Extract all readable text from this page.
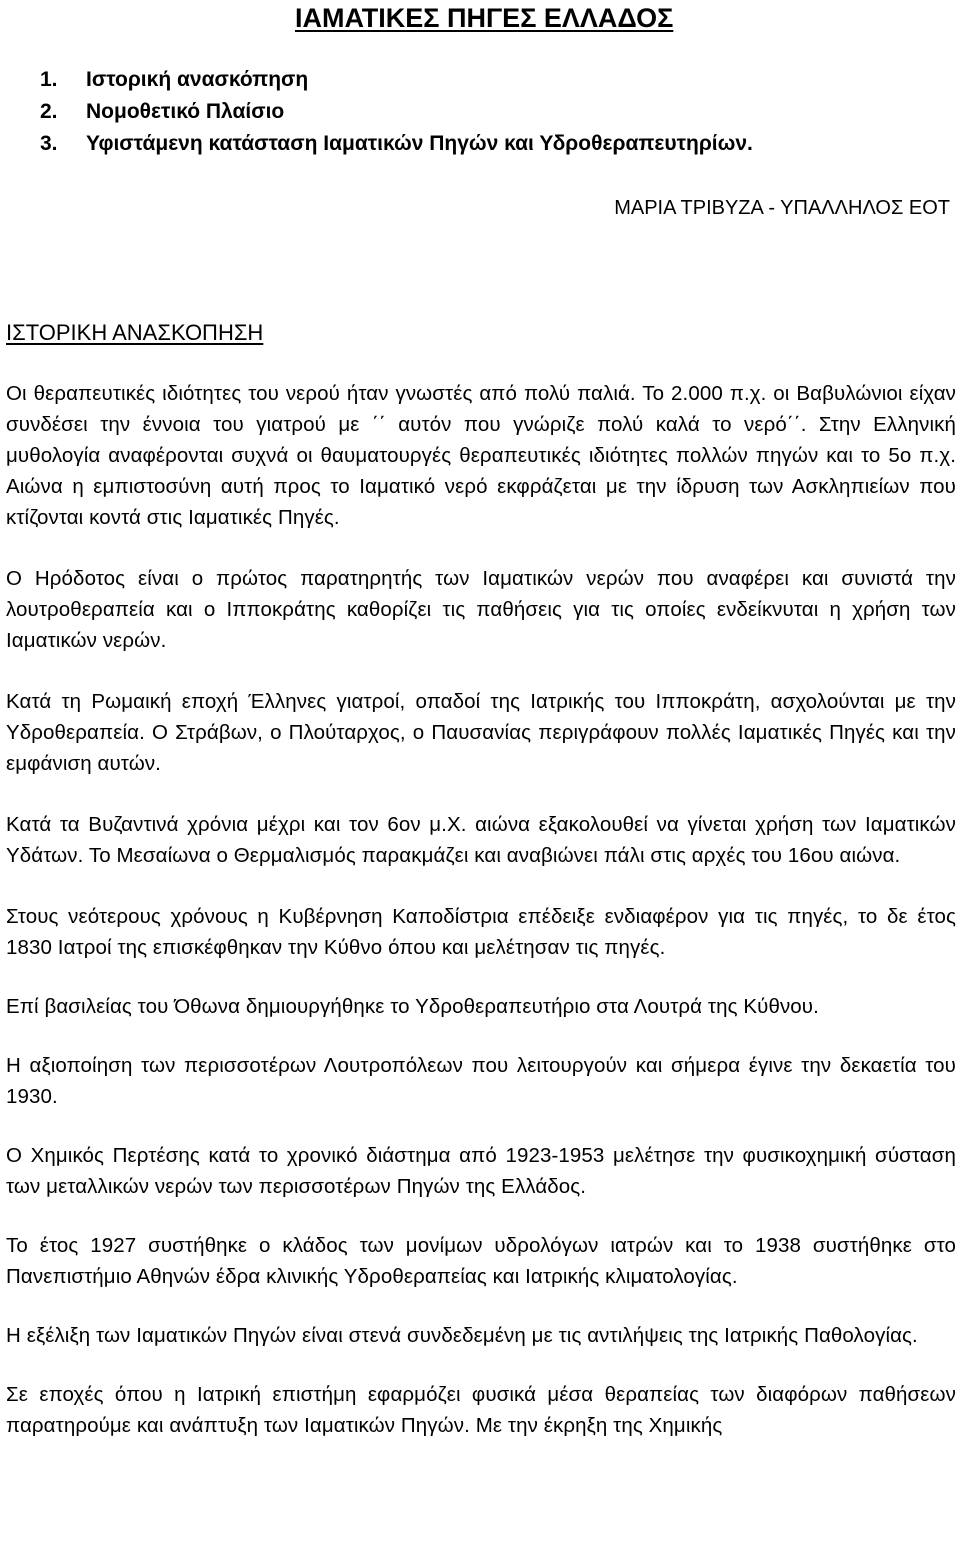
ΙΑΜΑΤΙΚΕΣ ΠΗΓΕΣ ΕΛΛΑΔΟΣ
1. Ιστορική ανασκόπηση
2. Νομοθετικό Πλαίσιο
3. Υφιστάμενη κατάσταση Ιαματικών Πηγών και Υδροθεραπευτηρίων.
ΜΑΡΙΑ ΤΡΙΒΥΖΑ - ΥΠΑΛΛΗΛΟΣ ΕΟΤ
ΙΣΤΟΡΙΚΗ ΑΝΑΣΚΟΠΗΣΗ

Οι θεραπευτικές ιδιότητες του νερού ήταν γνωστές από πολύ παλιά. Το 2.000 π.χ. οι Βαβυλώνιοι είχαν συνδέσει την έννοια του γιατρού με ΄΄ αυτόν που γνώριζε πολύ καλά το νερό΄΄. Στην Ελληνική μυθολογία αναφέρονται συχνά οι θαυματουργές θεραπευτικές ιδιότητες πολλών πηγών και το 5ο π.χ. Αιώνα η εμπιστοσύνη αυτή προς το Ιαματικό νερό εκφράζεται με την ίδρυση των Ασκληπιείων που κτίζονται κοντά στις Ιαματικές Πηγές.

Ο Ηρόδοτος είναι ο πρώτος παρατηρητής των Ιαματικών νερών που αναφέρει και συνιστά την λουτροθεραπεία και ο Ιπποκράτης καθορίζει τις παθήσεις για τις οποίες ενδείκνυται η χρήση των Ιαματικών νερών.

Κατά τη Ρωμαική εποχή Έλληνες γιατροί, οπαδοί της Ιατρικής του Ιπποκράτη, ασχολούνται με την Υδροθεραπεία. Ο Στράβων, ο Πλούταρχος, ο Παυσανίας περιγράφουν πολλές Ιαματικές Πηγές και την εμφάνιση αυτών.

Κατά τα Βυζαντινά χρόνια μέχρι και τον 6ον μ.Χ. αιώνα εξακολουθεί να γίνεται χρήση των Ιαματικών Υδάτων. Το Μεσαίωνα ο Θερμαλισμός παρακμάζει και αναβιώνει πάλι στις αρχές του 16ου αιώνα.

Στους νεότερους χρόνους η Κυβέρνηση Καποδίστρια επέδειξε ενδιαφέρον για τις πηγές, το δε έτος 1830 Ιατροί της επισκέφθηκαν την Κύθνο όπου και μελέτησαν τις πηγές.

Επί βασιλείας του Όθωνα δημιουργήθηκε το Υδροθεραπευτήριο στα Λουτρά της Κύθνου.

Η αξιοποίηση των περισσοτέρων Λουτροπόλεων που λειτουργούν και σήμερα έγινε την δεκαετία του 1930.

Ο Χημικός Περτέσης κατά το χρονικό διάστημα από 1923-1953 μελέτησε την φυσικοχημική σύσταση των μεταλλικών νερών των περισσοτέρων Πηγών της Ελλάδος.

Το έτος 1927 συστήθηκε ο κλάδος των μονίμων υδρολόγων ιατρών και το 1938 συστήθηκε στο Πανεπιστήμιο Αθηνών έδρα κλινικής Υδροθεραπείας και Ιατρικής κλιματολογίας.

Η εξέλιξη των Ιαματικών Πηγών είναι στενά συνδεδεμένη με τις αντιλήψεις της Ιατρικής Παθολογίας.

Σε εποχές όπου η Ιατρική επιστήμη εφαρμόζει φυσικά μέσα θεραπείας των διαφόρων παθήσεων παρατηρούμε και ανάπτυξη των Ιαματικών Πηγών. Με την έκρηξη της Χημικής
